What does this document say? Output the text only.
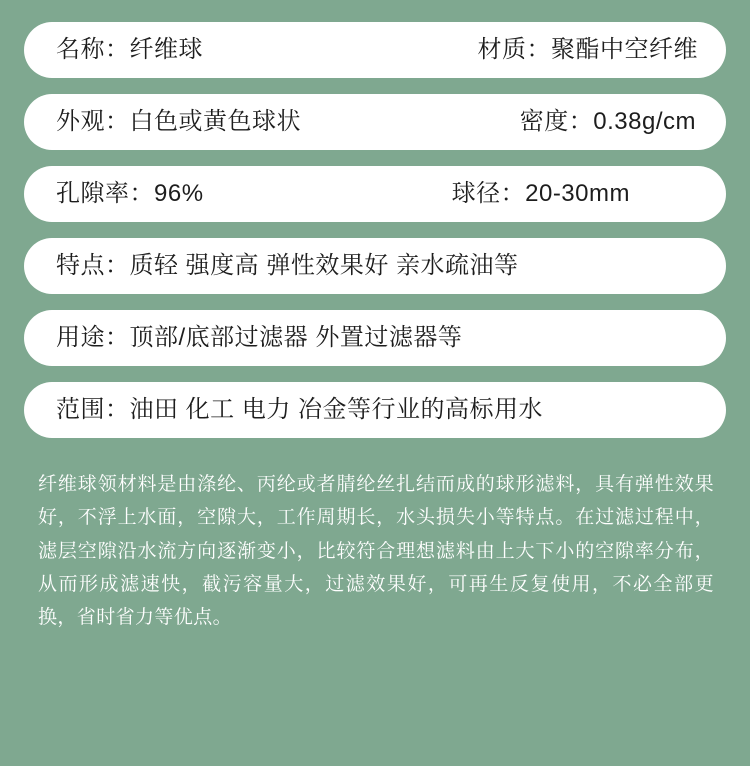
名称：纤维球	材质：聚酯中空纤维
外观：白色或黄色球状	密度：0.38g/cm
孔隙率：96%	球径：20-30mm
特点：质轻 强度高 弹性效果好 亲水疏油等
用途：顶部/底部过滤器 外置过滤器等
范围：油田 化工 电力 冶金等行业的高标用水

纤维球领材料是由涤纶、丙纶或者腈纶丝扎结而成的球形滤料，具有弹性效果好，不浮上水面，空隙大，工作周期长，水头损失小等特点。在过滤过程中，滤层空隙沿水流方向逐渐变小，比较符合理想滤料由上大下小的空隙率分布，从而形成滤速快，截污容量大，过滤效果好，可再生反复使用，不必全部更换，省时省力等优点。
